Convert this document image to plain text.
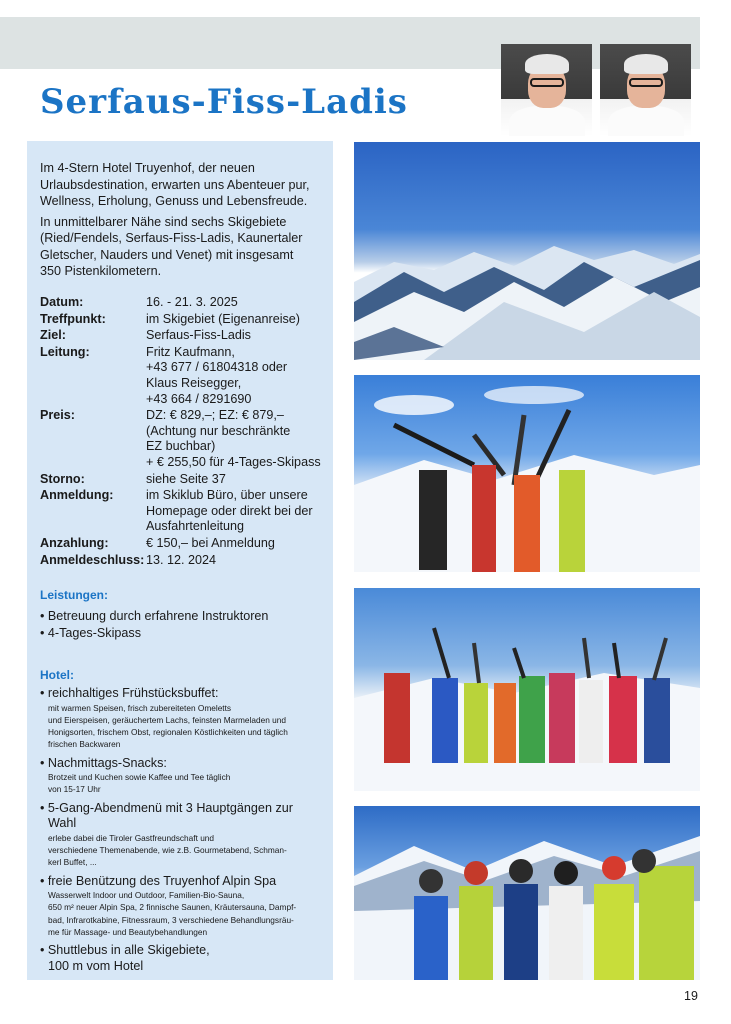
Serfaus-Fiss-Ladis

Im 4-Stern Hotel Truyenhof, der neuen
Urlaubsdestination, erwarten uns Abenteuer pur,
Wellness, Erholung, Genuss und Lebensfreude.

In unmittelbarer Nähe sind sechs Skigebiete
(Ried/Fendels, Serfaus-Fiss-Ladis, Kaunertaler
Gletscher, Nauders und Venet) mit insgesamt
350 Pistenkilometern.

Datum:	16. - 21. 3. 2025
Treffpunkt:	im Skigebiet (Eigenanreise)
Ziel:	Serfaus-Fiss-Ladis
Leitung:	Fritz Kaufmann,
+43 677 / 61804318 oder
Klaus Reisegger,
+43 664 / 8291690
Preis:	DZ: € 829,–; EZ: € 879,–
(Achtung nur beschränkte
EZ buchbar)
+ € 255,50 für 4-Tages-Skipass
Storno:	siehe Seite 37
Anmeldung:	im Skiklub Büro, über unsere
Homepage oder direkt bei der
Ausfahrtenleitung
Anzahlung:	€ 150,– bei Anmeldung
Anmeldeschluss: 13. 12. 2024
Leistungen:
• Betreuung durch erfahrene Instruktoren
• 4-Tages-Skipass
Hotel:
• reichhaltiges Frühstücksbuffet:
mit warmen Speisen, frisch zubereiteten Omeletts
und Eierspeisen, geräuchertem Lachs, feinsten Marmeladen und
Honigsorten, frischem Obst, regionalen Köstlichkeiten und täglich
frischen Backwaren
• Nachmittags-Snacks:
Brotzeit und Kuchen sowie Kaffee und Tee täglich
von 15-17 Uhr
• 5-Gang-Abendmenü mit 3 Hauptgängen zur
Wahl
erlebe dabei die Tiroler Gastfreundschaft und
verschiedene Themenabende, wie z.B. Gourmetabend, Schman-
kerl Buffet, ...
• freie Benützung des Truyenhof Alpin Spa
Wasserwelt Indoor und Outdoor, Familien-Bio-Sauna,
650 m² neuer Alpin Spa, 2 finnische Saunen, Kräutersauna, Dampf-
bad, Infrarotkabine, Fitnessraum, 3 verschiedene Behandlungsräu-
me für Massage- und Beautybehandlungen
• Shuttlebus in alle Skigebiete,
100 m vom Hotel
19
